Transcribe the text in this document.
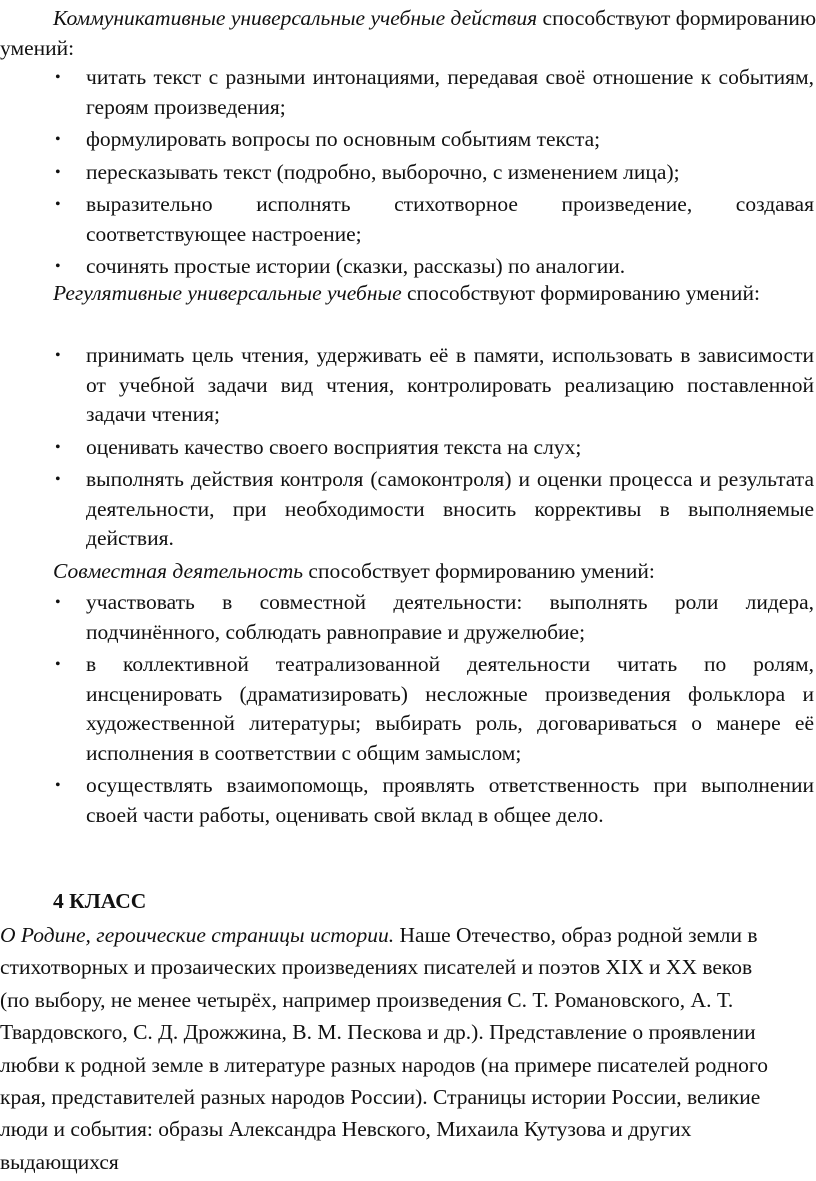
Коммуникативные универсальные учебные действия способствуют формированию умений:

•	читать текст с разными интонациями, передавая своё отношение к событиям, героям произведения;
•	формулировать вопросы по основным событиям текста;
•	пересказывать текст (подробно, выборочно, с изменением лица);
•	выразительно исполнять стихотворное произведение, создавая соответствующее настроение;
•	сочинять простые истории (сказки, рассказы) по аналогии.

Регулятивные универсальные учебные способствуют формированию умений:

•	принимать цель чтения, удерживать её в памяти, использовать в зависимости от учебной задачи вид чтения, контролировать реализацию поставленной задачи чтения;
•	оценивать качество своего восприятия текста на слух;
•	выполнять действия контроля (самоконтроля) и оценки процесса и результата деятельности, при необходимости вносить коррективы в выполняемые действия.

Совместная деятельность способствует формированию умений:

•	участвовать в совместной деятельности: выполнять роли лидера, подчинённого, соблюдать равноправие и дружелюбие;
•	в коллективной театрализованной деятельности читать по ролям, инсценировать (драматизировать) несложные произведения фольклора и художественной литературы; выбирать роль, договариваться о манере её исполнения в соответствии с общим замыслом;
•	осуществлять взаимопомощь, проявлять ответственность при выполнении своей части работы, оценивать свой вклад в общее дело.

4 КЛАСС

О Родине, героические страницы истории. Наше Отечество, образ родной земли в стихотворных и прозаических произведениях писателей и поэтов XIX и XX веков (по выбору, не менее четырёх, например произведения С. Т. Романовского, А. Т. Твардовского, С. Д. Дрожжина, В. М. Пескова и др.). Представление о проявлении любви к родной земле в литературе разных народов (на примере писателей родного края, представителей разных народов России). Страницы истории России, великие люди и события: образы Александра Невского, Михаила Кутузова и других выдающихся
